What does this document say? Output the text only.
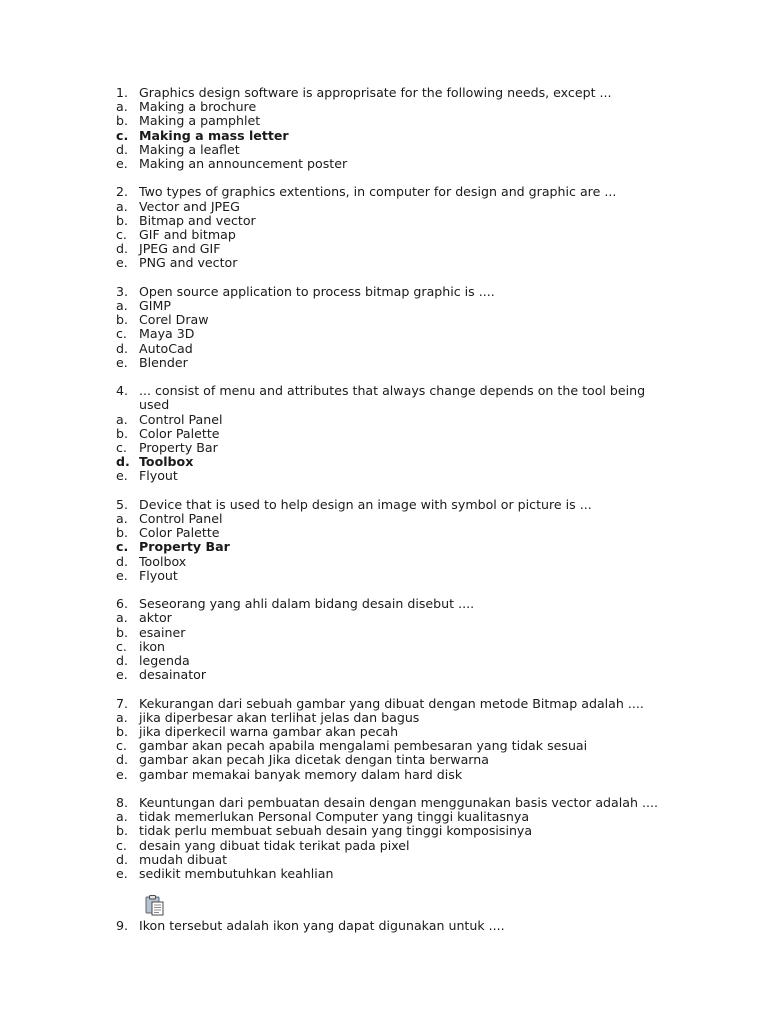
1. Graphics design software is approprisate for the following needs, except ...
a. Making a brochure
b. Making a pamphlet
c. Making a mass letter
d. Making a leaflet
e. Making an announcement poster
2. Two types of graphics extentions, in computer for design and graphic are ...
a. Vector and JPEG
b. Bitmap and vector
c. GIF and bitmap
d. JPEG and GIF
e. PNG and vector
3. Open source application to process bitmap graphic is ....
a. GIMP
b. Corel Draw
c. Maya 3D
d. AutoCad
e. Blender
4. ... consist of menu and attributes that always change depends on the tool being used
a. Control Panel
b. Color Palette
c. Property Bar
d. Toolbox
e. Flyout
5. Device that is used to help design an image with symbol or picture is ...
a. Control Panel
b. Color Palette
c. Property Bar
d. Toolbox
e. Flyout
6. Seseorang yang ahli dalam bidang desain disebut ....
a. aktor
b. esainer
c. ikon
d. legenda
e. desainator
7. Kekurangan dari sebuah gambar yang dibuat dengan metode Bitmap adalah ....
a. jika diperbesar akan terlihat jelas dan bagus
b. jika diperkecil warna gambar akan pecah
c. gambar akan pecah apabila mengalami pembesaran yang tidak sesuai
d. gambar akan pecah Jika dicetak dengan tinta berwarna
e. gambar memakai banyak memory dalam hard disk
8. Keuntungan dari pembuatan desain dengan menggunakan basis vector adalah ....
a. tidak memerlukan Personal Computer yang tinggi kualitasnya
b. tidak perlu membuat sebuah desain yang tinggi komposisinya
c. desain yang dibuat tidak terikat pada pixel
d. mudah dibuat
e. sedikit membutuhkan keahlian
9. Ikon tersebut adalah ikon yang dapat digunakan untuk ....
